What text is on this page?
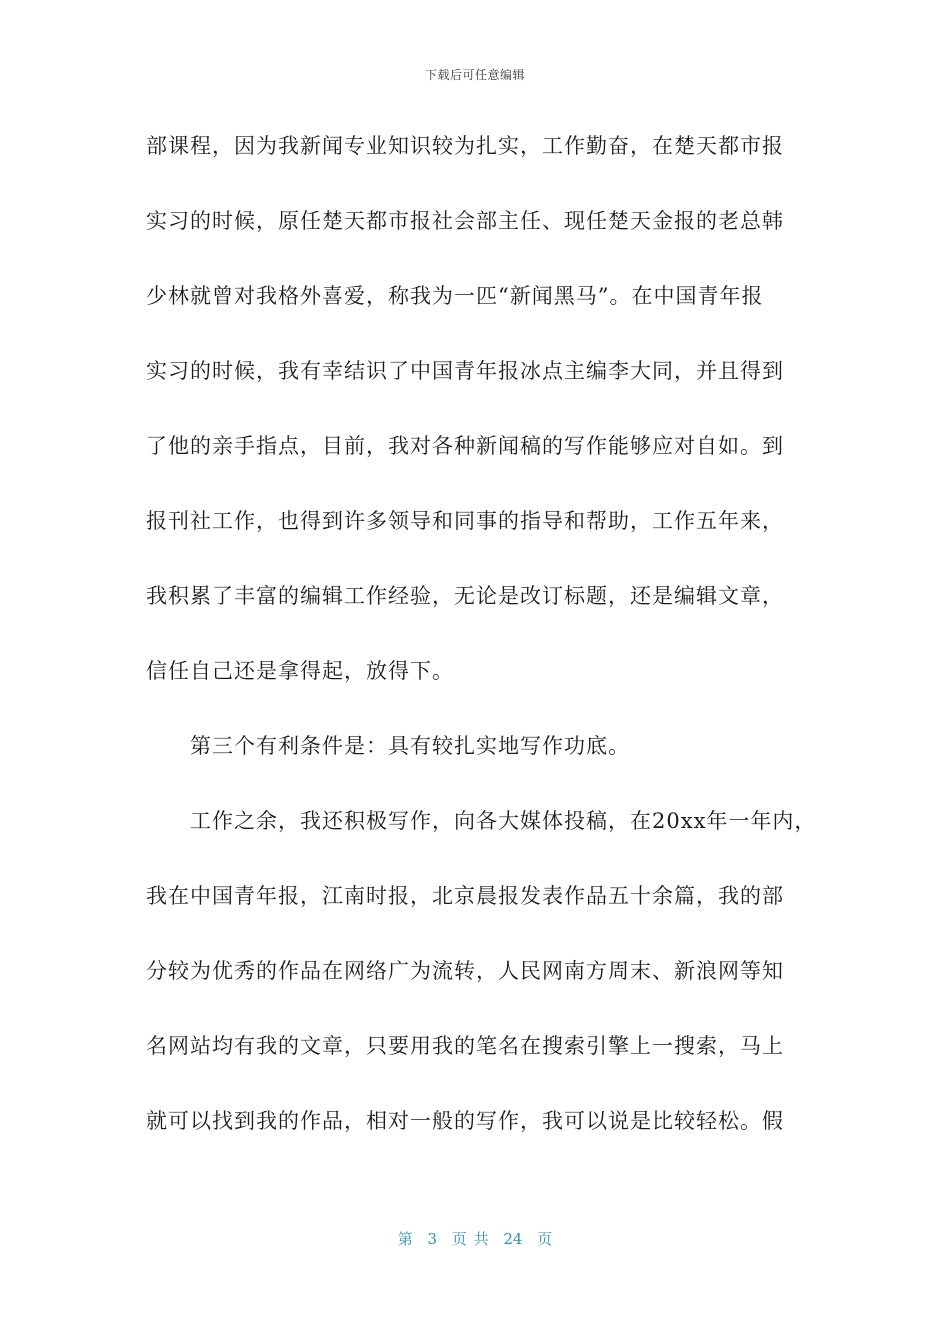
下载后可任意编辑
部课程，因为我新闻专业知识较为扎实，工作勤奋，在楚天都市报
实习的时候，原任楚天都市报社会部主任、现任楚天金报的老总韩
少林就曾对我格外喜爱，称我为一匹“新闻黑马”。在中国青年报
实习的时候，我有幸结识了中国青年报冰点主编李大同，并且得到
了他的亲手指点，目前，我对各种新闻稿的写作能够应对自如。到
报刊社工作，也得到许多领导和同事的指导和帮助，工作五年来，
我积累了丰富的编辑工作经验，无论是改订标题，还是编辑文章，
信任自己还是拿得起，放得下。
第三个有利条件是：具有较扎实地写作功底。
工作之余，我还积极写作，向各大媒体投稿，在20xx年一年内，
我在中国青年报，江南时报，北京晨报发表作品五十余篇，我的部
分较为优秀的作品在网络广为流转，人民网南方周末、新浪网等知
名网站均有我的文章，只要用我的笔名在搜索引擎上一搜索，马上
就可以找到我的作品，相对一般的写作，我可以说是比较轻松。假
第 3 页 共 24 页
